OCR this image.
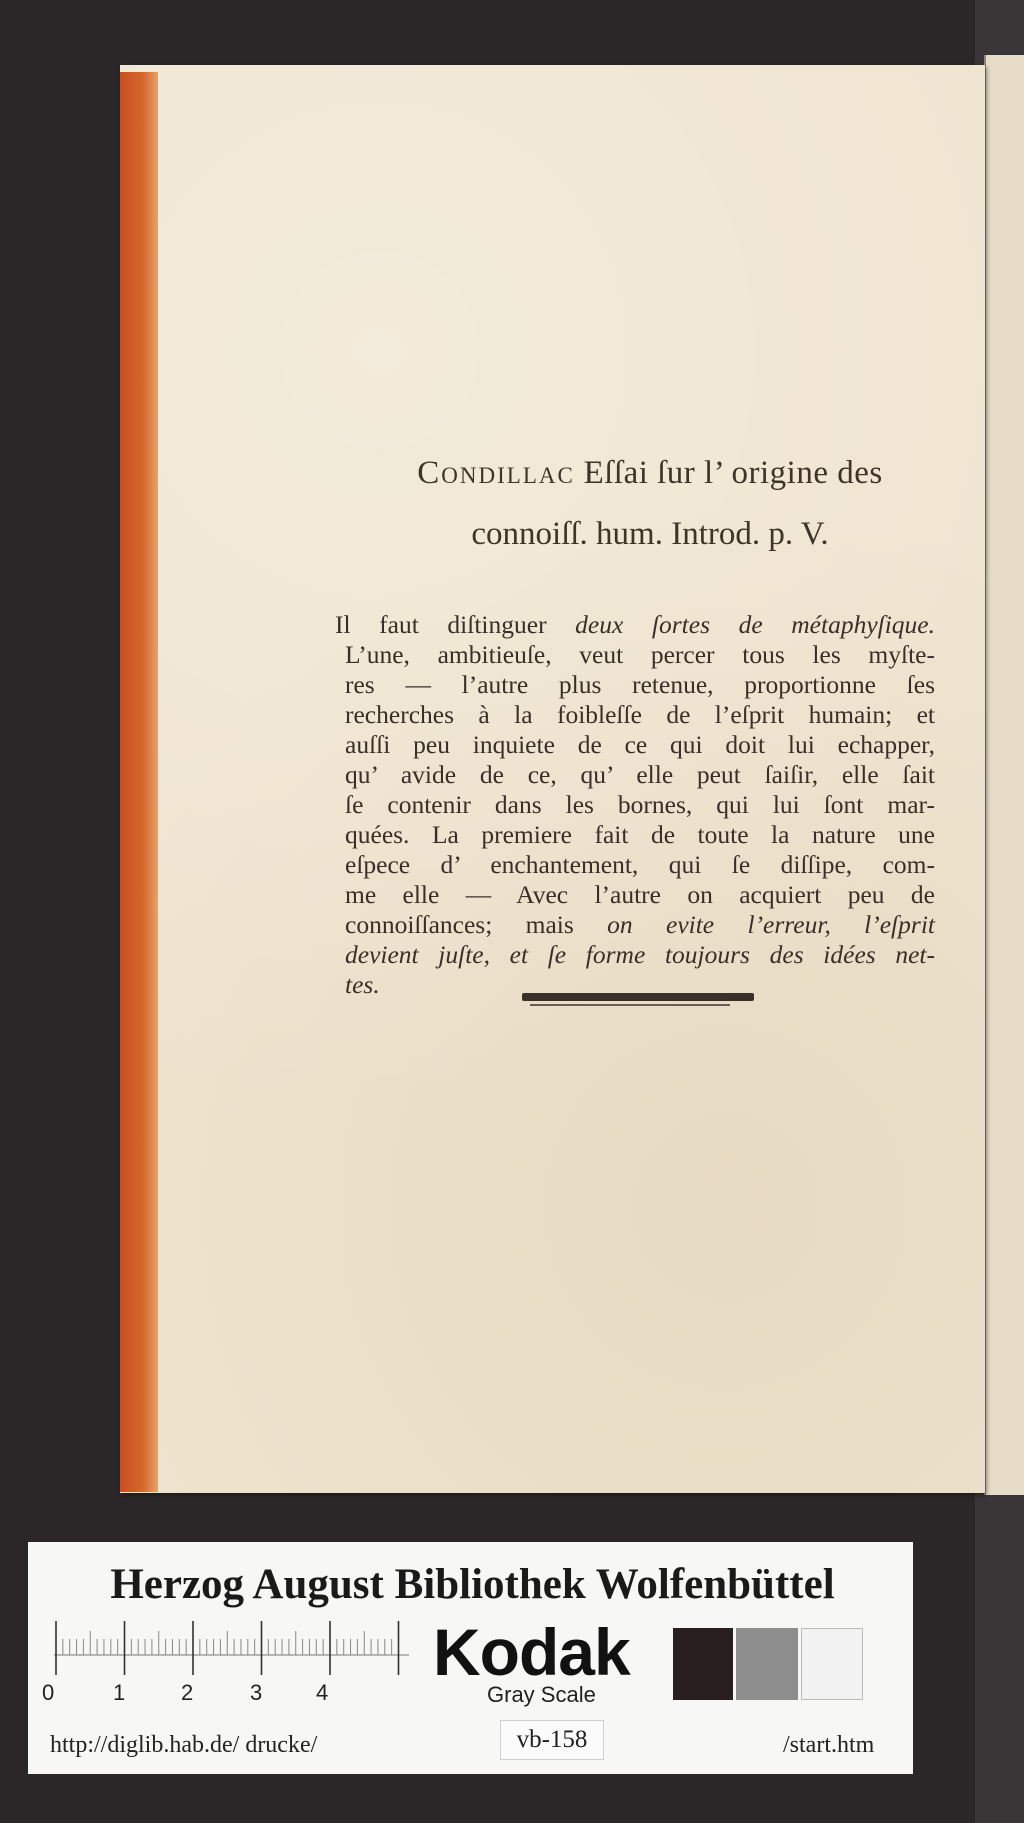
Condillac Eſſai ſur l’ origine des
connoiſſ. hum. Introd. p. V.
Il faut diſtinguer deux ſortes de métaphyſique.
L’une, ambitieuſe, veut percer tous les myſte-
res — l’autre plus retenue, proportionne ſes
recherches à la foibleſſe de l’eſprit humain; et
auſſi peu inquiete de ce qui doit lui echapper,
qu’ avide de ce, qu’ elle peut ſaiſir, elle ſait
ſe contenir dans les bornes, qui lui ſont mar-
quées. La premiere fait de toute la nature une
eſpece d’ enchantement, qui ſe diſſipe, com-
me elle — Avec l’autre on acquiert peu de
connoiſſances; mais on evite l’erreur, l’eſprit
devient juſte, et ſe forme toujours des idées net-
tes.
Herzog August Bibliothek Wolfenbüttel
0	1	2	3 4
Kodak
Gray Scale
http://diglib.hab.de/ drucke/	vb-158	/start.htm
